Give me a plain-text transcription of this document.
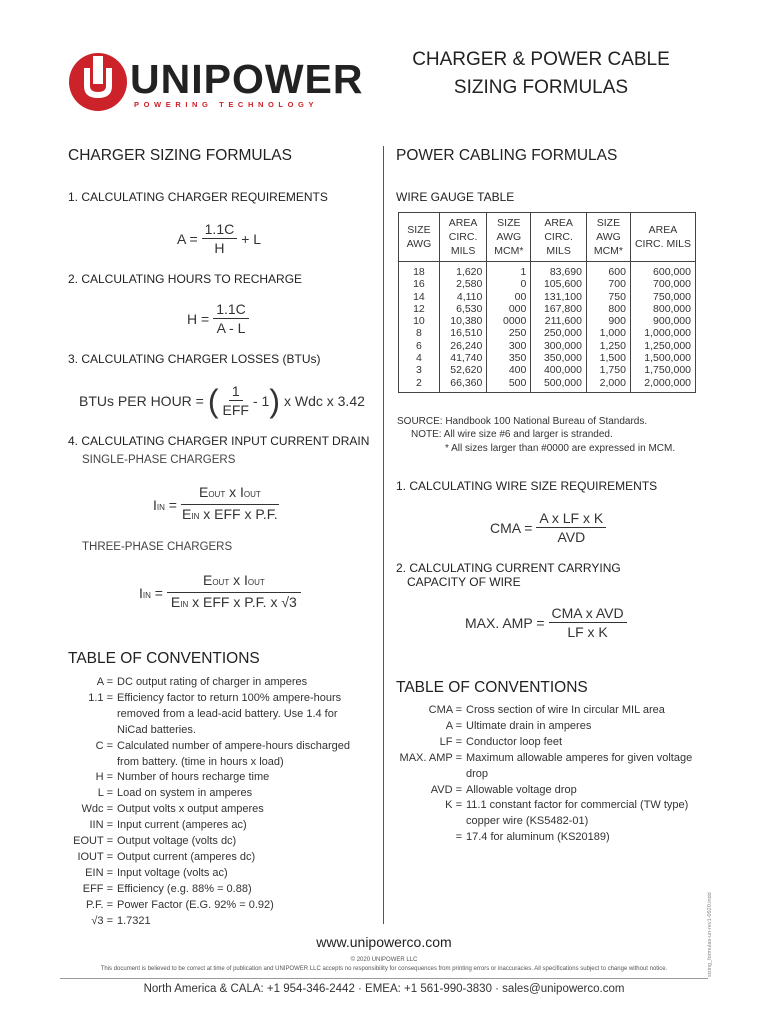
UNIPOWER
POWERING TECHNOLOGY
CHARGER & POWER CABLE
SIZING FORMULAS
CHARGER SIZING FORMULAS
1. CALCULATING CHARGER REQUIREMENTS
$A = \frac{1.1C}{H} + L$
2. CALCULATING HOURS TO RECHARGE
$H = \frac{1.1C}{A - L}$
3. CALCULATING CHARGER LOSSES (BTUs)
BTUs PER HOUR = ( $\frac{1}{\text{EFF}} - 1$ ) x Wdc x 3.42
4. CALCULATING CHARGER INPUT CURRENT DRAIN
SINGLE-PHASE CHARGERS
IIN = $\frac{\text{EOUT x IOUT}}{\text{EIN x EFF x P.F.}}$
THREE-PHASE CHARGERS
IIN = $\frac{\text{EOUT x IOUT}}{\text{EIN x EFF x P.F. x √3}}$
TABLE OF CONVENTIONS
A = DC output rating of charger in amperes
1.1 = Efficiency factor to return 100% ampere-hours removed from a lead-acid battery. Use 1.4 for NiCad batteries.
C = Calculated number of ampere-hours discharged from battery. (time in hours x load)
H = Number of hours recharge time
L = Load on system in amperes
Wdc = Output volts x output amperes
IIN = Input current (amperes ac)
EOUT = Output voltage (volts dc)
IOUT = Output current (amperes dc)
EIN = Input voltage (volts ac)
EFF = Efficiency (e.g. 88% = 0.88)
P.F. = Power Factor (E.G. 92% = 0.92)
√3 = 1.7321
POWER CABLING FORMULAS
WIRE GAUGE TABLE
SIZE AWG	AREA CIRC. MILS	SIZE AWG MCM*	AREA CIRC. MILS	SIZE AWG MCM*	AREA CIRC. MILS
18	1,620	1	83,690	600	600,000
16	2,580	0	105,600	700	700,000
14	4,110	00	131,100	750	750,000
12	6,530	000	167,800	800	800,000
10	10,380	0000	211,600	900	900,000
8	16,510	250	250,000	1,000	1,000,000
6	26,240	300	300,000	1,250	1,250,000
4	41,740	350	350,000	1,500	1,500,000
3	52,620	400	400,000	1,750	1,750,000
2	66,360	500	500,000	2,000	2,000,000
SOURCE: Handbook 100 National Bureau of Standards.
NOTE: All wire size #6 and larger is stranded.
* All sizes larger than #0000 are expressed in MCM.
1. CALCULATING WIRE SIZE REQUIREMENTS
CMA = $\frac{\text{A x LF x K}}{\text{AVD}}$
2. CALCULATING CURRENT CARRYING
CAPACITY OF WIRE
MAX. AMP = $\frac{\text{CMA x AVD}}{\text{LF x K}}$
TABLE OF CONVENTIONS
CMA = Cross section of wire In circular MIL area
A = Ultimate drain in amperes
LF = Conductor loop feet
MAX. AMP = Maximum allowable amperes for given voltage drop
AVD = Allowable voltage drop
K = 11.1 constant factor for commercial (TW type) copper wire (KS5482-01)
= 17.4 for aluminum (KS20189)
www.unipowerco.com
© 2020 UNIPOWER LLC
This document is believed to be correct at time of publication and UNIPOWER LLC accepts no responsibility for consequences from printing errors or inaccuracies. All specifications subject to change without notice.
North America & CALA: +1 954-346-2442 · EMEA: +1 561-990-3830 · sales@unipowerco.com
sizing_formulas-un-rev1-0920.indd
